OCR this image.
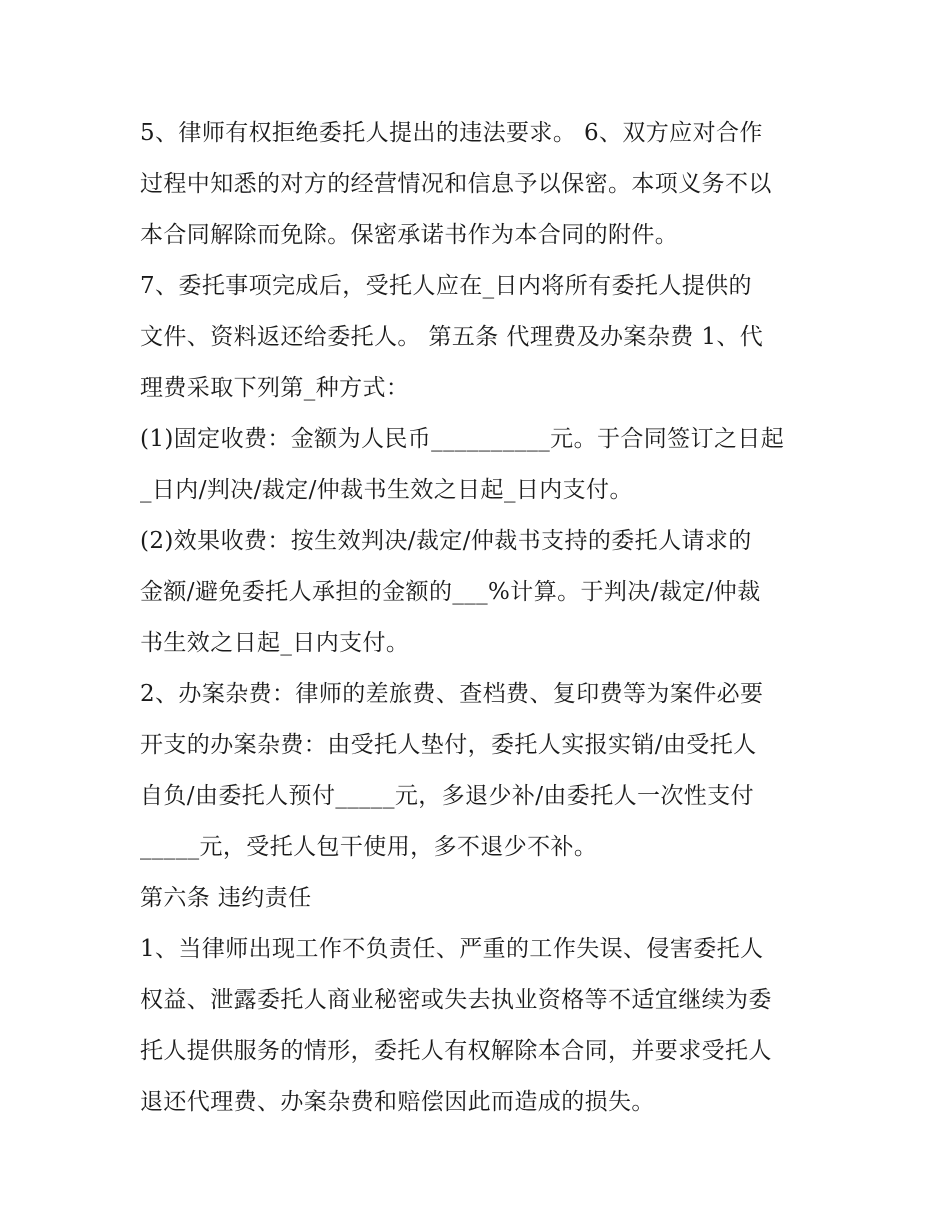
5、律师有权拒绝委托人提出的违法要求。 6、双方应对合作
过程中知悉的对方的经营情况和信息予以保密。本项义务不以
本合同解除而免除。保密承诺书作为本合同的附件。
7、委托事项完成后，受托人应在_日内将所有委托人提供的
文件、资料返还给委托人。 第五条 代理费及办案杂费 1、代
理费采取下列第_种方式：
(1)固定收费：金额为人民币__________元。于合同签订之日起
_日内/判决/裁定/仲裁书生效之日起_日内支付。
(2)效果收费：按生效判决/裁定/仲裁书支持的委托人请求的
金额/避免委托人承担的金额的___%计算。于判决/裁定/仲裁
书生效之日起_日内支付。
2、办案杂费：律师的差旅费、查档费、复印费等为案件必要
开支的办案杂费：由受托人垫付，委托人实报实销/由受托人
自负/由委托人预付_____元，多退少补/由委托人一次性支付
_____元，受托人包干使用，多不退少不补。
第六条 违约责任
1、当律师出现工作不负责任、严重的工作失误、侵害委托人
权益、泄露委托人商业秘密或失去执业资格等不适宜继续为委
托人提供服务的情形，委托人有权解除本合同，并要求受托人
退还代理费、办案杂费和赔偿因此而造成的损失。
